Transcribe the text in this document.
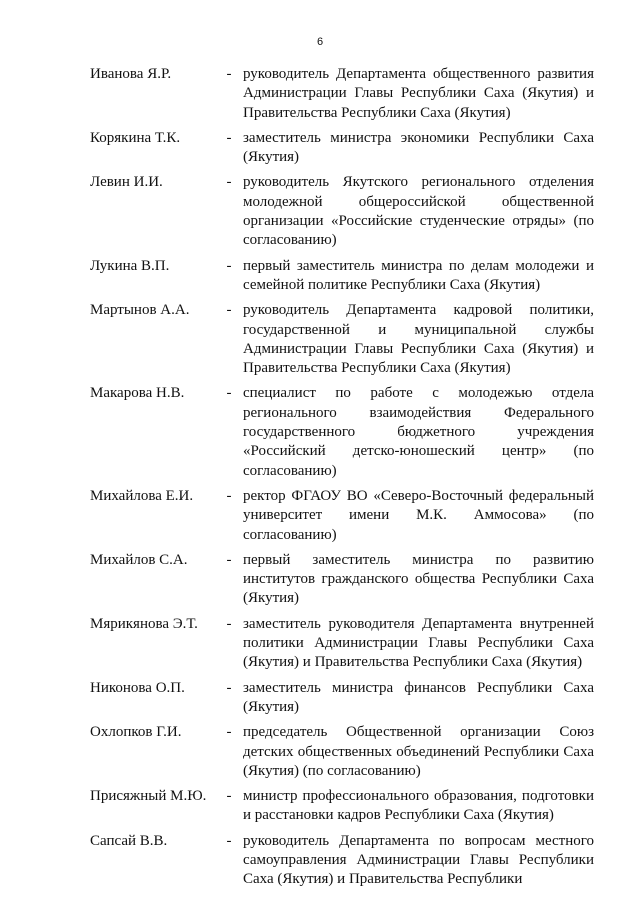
6
Иванова Я.Р.	- руководитель Департамента общественного развития Администрации Главы Республики Саха (Якутия) и Правительства Республики Саха (Якутия)
Корякина Т.К.	- заместитель министра экономики Республики Саха (Якутия)
Левин И.И.	- руководитель Якутского регионального отделения молодежной общероссийской общественной организации «Российские студенческие отряды» (по согласованию)
Лукина В.П.	- первый заместитель министра по делам молодежи и семейной политике Республики Саха (Якутия)
Мартынов А.А.	- руководитель Департамента кадровой политики, государственной и муниципальной службы Администрации Главы Республики Саха (Якутия) и Правительства Республики Саха (Якутия)
Макарова Н.В.	- специалист по работе с молодежью отдела регионального взаимодействия Федерального государственного бюджетного учреждения «Российский детско-юношеский центр» (по согласованию)
Михайлова Е.И.	- ректор ФГАОУ ВО «Северо-Восточный федеральный университет имени М.К. Аммосова» (по согласованию)
Михайлов С.А.	- первый заместитель министра по развитию институтов гражданского общества Республики Саха (Якутия)
Мярикянова Э.Т.	- заместитель руководителя Департамента внутренней политики Администрации Главы Республики Саха (Якутия) и Правительства Республики Саха (Якутия)
Никонова О.П.	- заместитель министра финансов Республики Саха (Якутия)
Охлопков Г.И.	- председатель Общественной организации Союз детских общественных объединений Республики Саха (Якутия) (по согласованию)
Присяжный М.Ю.	- министр профессионального образования, подготовки и расстановки кадров Республики Саха (Якутия)
Сапсай В.В.	- руководитель Департамента по вопросам местного самоуправления Администрации Главы Республики Саха (Якутия) и Правительства Республики
